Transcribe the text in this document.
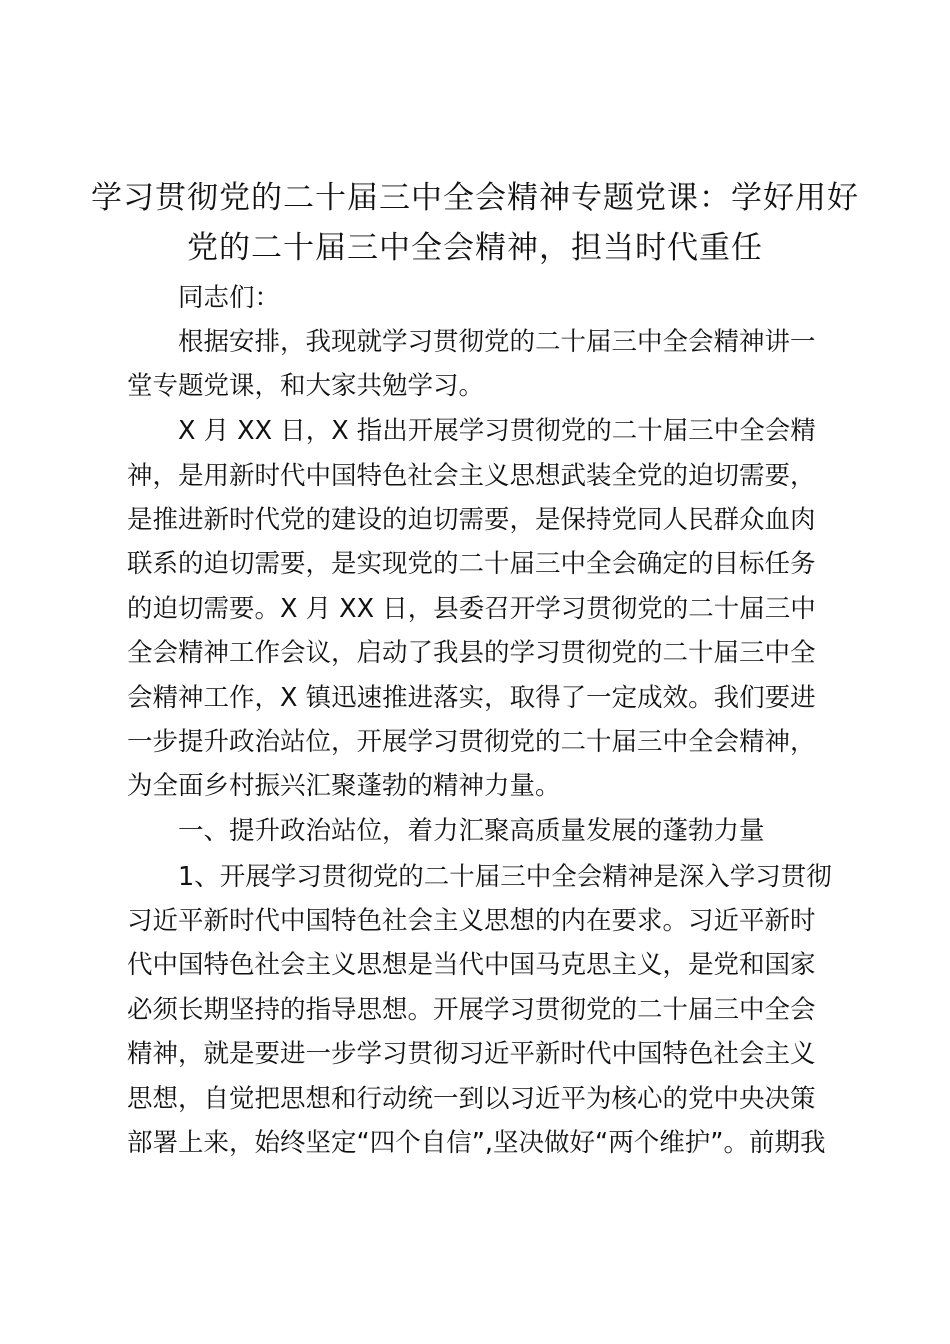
学习贯彻党的二十届三中全会精神专题党课：学好用好
党的二十届三中全会精神，担当时代重任
同志们：
根据安排，我现就学习贯彻党的二十届三中全会精神讲一
堂专题党课，和大家共勉学习。
X 月 XX 日，X 指出开展学习贯彻党的二十届三中全会精
神，是用新时代中国特色社会主义思想武装全党的迫切需要，
是推进新时代党的建设的迫切需要，是保持党同人民群众血肉
联系的迫切需要，是实现党的二十届三中全会确定的目标任务
的迫切需要。X 月 XX 日，县委召开学习贯彻党的二十届三中
全会精神工作会议，启动了我县的学习贯彻党的二十届三中全
会精神工作，X 镇迅速推进落实，取得了一定成效。我们要进
一步提升政治站位，开展学习贯彻党的二十届三中全会精神，
为全面乡村振兴汇聚蓬勃的精神力量。
一、提升政治站位，着力汇聚高质量发展的蓬勃力量
1、开展学习贯彻党的二十届三中全会精神是深入学习贯彻
习近平新时代中国特色社会主义思想的内在要求。习近平新时
代中国特色社会主义思想是当代中国马克思主义，是党和国家
必须长期坚持的指导思想。开展学习贯彻党的二十届三中全会
精神，就是要进一步学习贯彻习近平新时代中国特色社会主义
思想，自觉把思想和行动统一到以习近平为核心的党中央决策
部署上来，始终坚定“四个自信”,坚决做好“两个维护”。前期我
